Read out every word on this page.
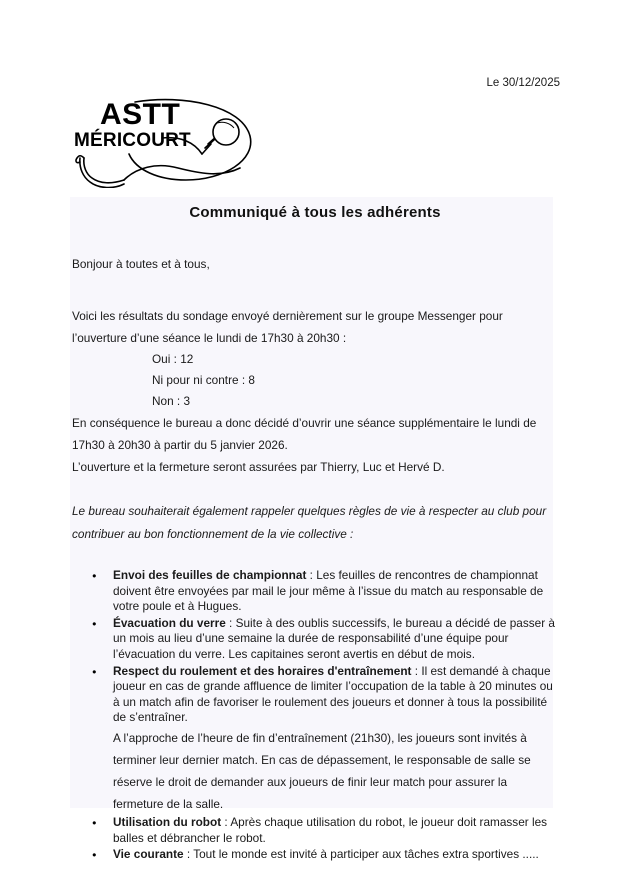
Le 30/12/2025
ASTT
MÉRICOURT
Communiqué à tous les adhérents

Bonjour à toutes et à tous,

Voici les résultats du sondage envoyé dernièrement sur le groupe Messenger pour l’ouverture d’une séance le lundi de 17h30 à 20h30 :

Oui : 12
Ni pour ni contre : 8
Non : 3

En conséquence le bureau a donc décidé d’ouvrir une séance supplémentaire le lundi de 17h30 à 20h30 à partir du 5 janvier 2026.

L’ouverture et la fermeture seront assurées par Thierry, Luc et Hervé D.

Le bureau souhaiterait également rappeler quelques règles de vie à respecter au club pour contribuer au bon fonctionnement de la vie collective :

● Envoi des feuilles de championnat : Les feuilles de rencontres de championnat doivent être envoyées par mail le jour même à l’issue du match au responsable de votre poule et à Hugues.
● Évacuation du verre : Suite à des oublis successifs, le bureau a décidé de passer à un mois au lieu d’une semaine la durée de responsabilité d’une équipe pour l’évacuation du verre. Les capitaines seront avertis en début de mois.
● Respect du roulement et des horaires d'entraînement : Il est demandé à chaque joueur en cas de grande affluence de limiter l’occupation de la table à 20 minutes ou à un match afin de favoriser le roulement des joueurs et donner à tous la possibilité de s’entraîner.
A l’approche de l’heure de fin d’entraînement (21h30), les joueurs sont invités à terminer leur dernier match. En cas de dépassement, le responsable de salle se réserve le droit de demander aux joueurs de finir leur match pour assurer la fermeture de la salle.
● Utilisation du robot : Après chaque utilisation du robot, le joueur doit ramasser les balles et débrancher le robot.
● Vie courante : Tout le monde est invité à participer aux tâches extra sportives .....
